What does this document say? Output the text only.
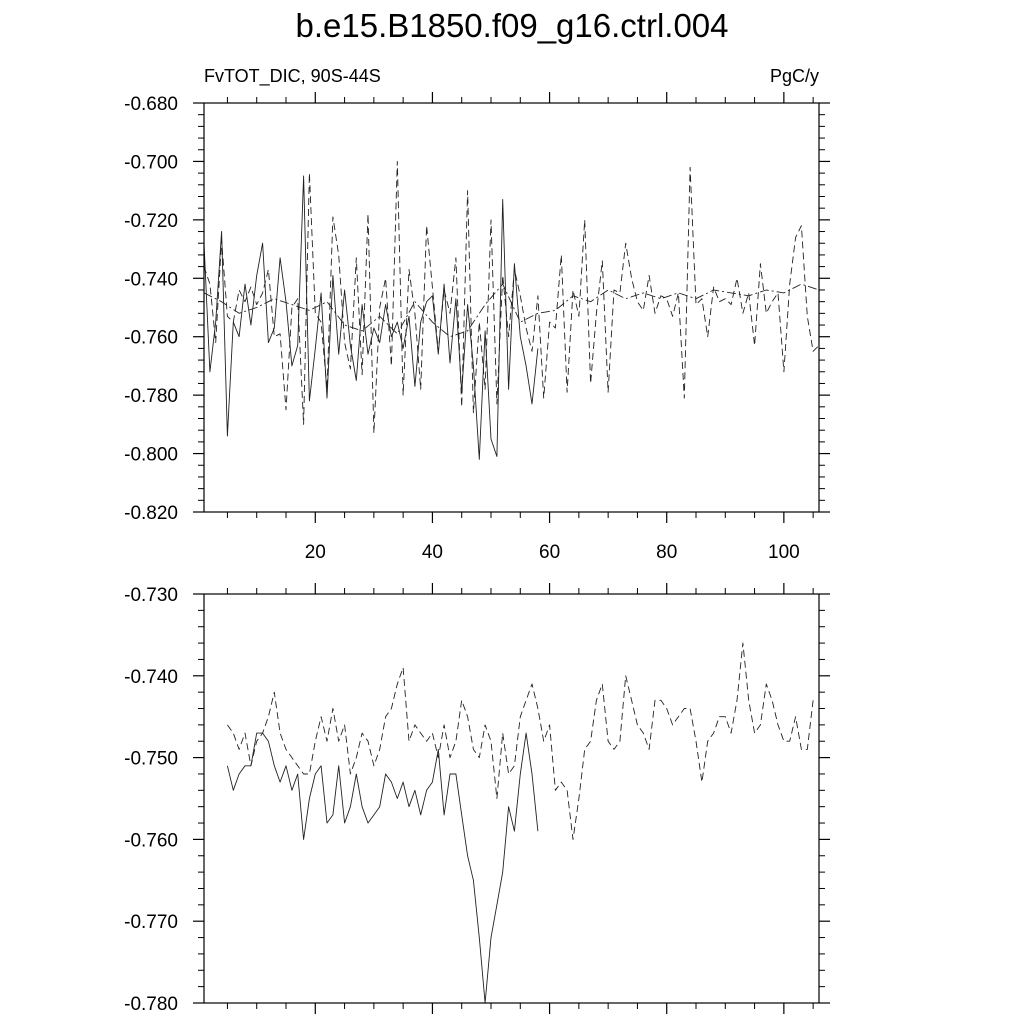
b.e15.B1850.f09_g16.ctrl.004
FvTOT_DIC, 90S-44S	PgC/y
-0.680
-0.700
-0.720
-0.740
-0.760
-0.780
-0.800
-0.820
20	40	60	80	100
-0.730
-0.740
-0.750
-0.760
-0.770
-0.780
